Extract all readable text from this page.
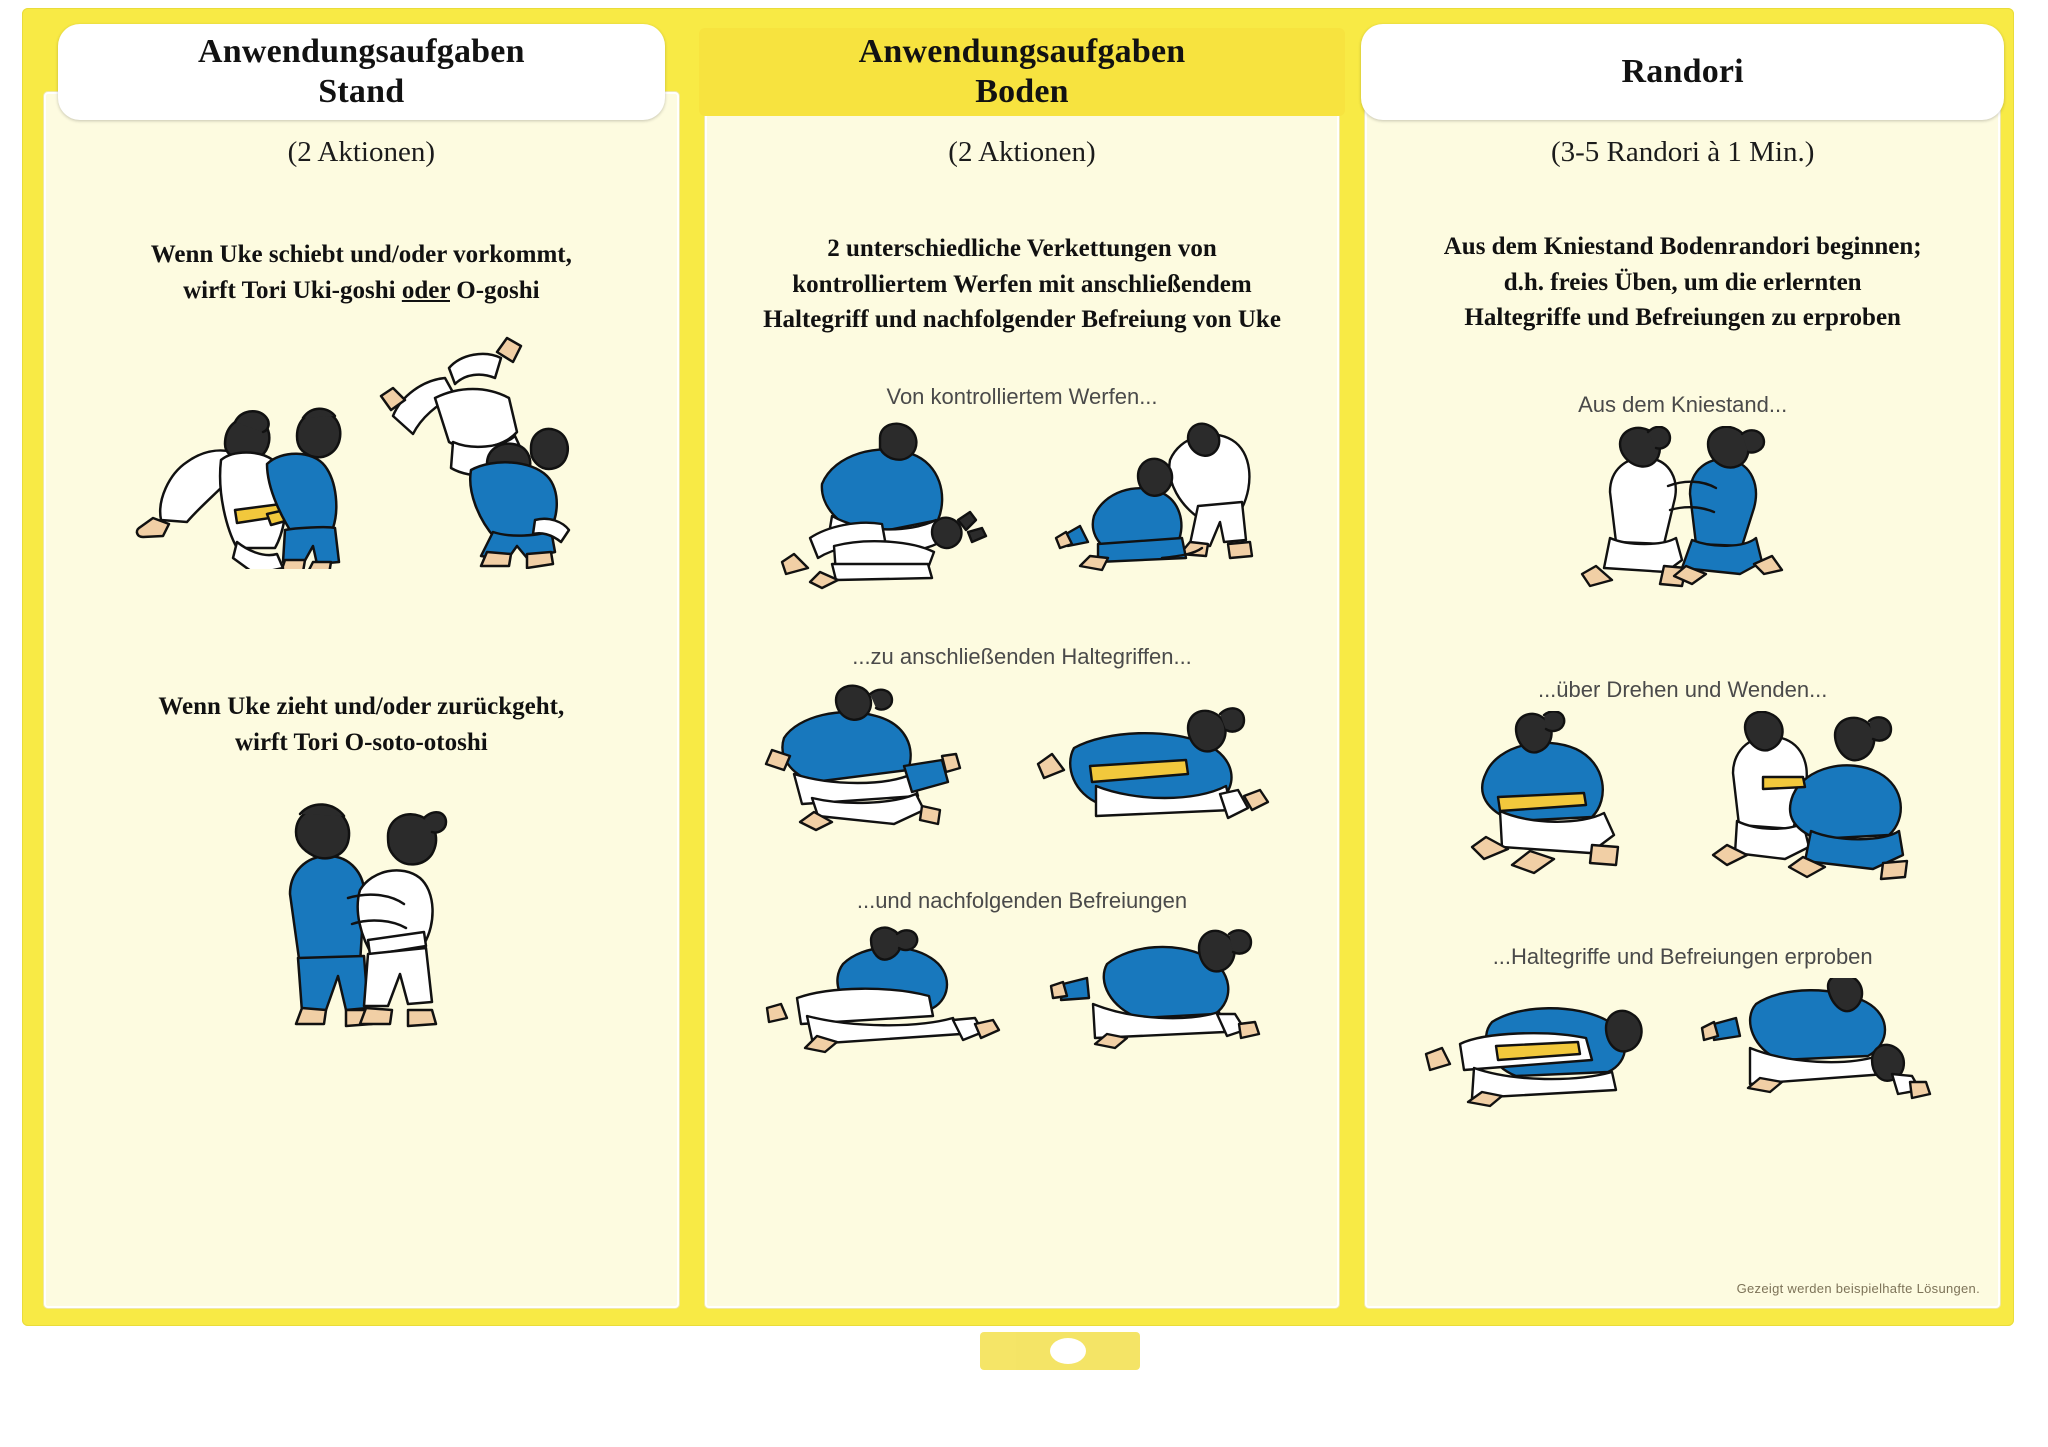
Anwendungsaufgaben
Stand
(2 Aktionen)
Wenn Uke schiebt und/oder vorkommt,
wirft Tori Uki-goshi oder O-goshi
Wenn Uke zieht und/oder zurückgeht,
wirft Tori O-soto-otoshi
Anwendungsaufgaben
Boden
(2 Aktionen)
2 unterschiedliche Verkettungen von
kontrolliertem Werfen mit anschließendem
Haltegriff und nachfolgender Befreiung von Uke
Von kontrolliertem Werfen...
...zu anschließenden Haltegriffen...
...und nachfolgenden Befreiungen
Randori
(3-5 Randori à 1 Min.)
Aus dem Kniestand Bodenrandori beginnen;
d.h. freies Üben, um die erlernten
Haltegriffe und Befreiungen zu erproben
Aus dem Kniestand...
...über Drehen und Wenden...
...Haltegriffe und Befreiungen erproben
Gezeigt werden beispielhafte Lösungen.
